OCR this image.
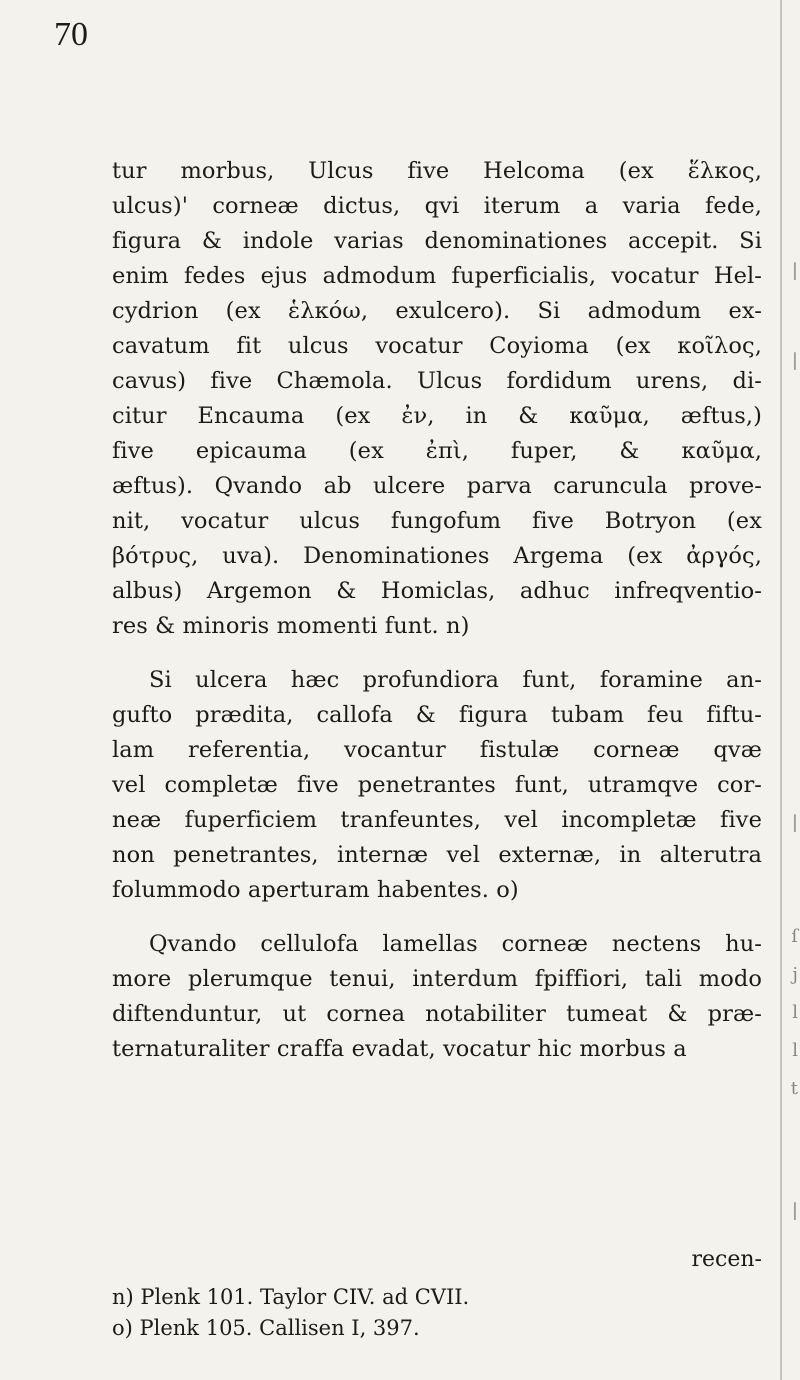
70
|
|
|
ſ
j
l
l
t
|
tur morbus, Ulcus five Helcoma (ex ἕλκος,
ulcus)' corneæ dictus, qvi iterum a varia fede,
figura & indole varias denominationes accepit. Si
enim fedes ejus admodum fuperficialis, vocatur Hel-
cydrion (ex ἑλκόω, exulcero). Si admodum ex-
cavatum fit ulcus vocatur Coyioma (ex κοῖλος,
cavus) five Chæmola. Ulcus fordidum urens, di-
citur Encauma (ex ἐν, in & καῦμα, æftus,)
five epicauma (ex ἐπὶ, fuper, & καῦμα,
æftus). Qvando ab ulcere parva caruncula prove-
nit, vocatur ulcus fungofum five Botryon (ex
βότρυς, uva). Denominationes Argema (ex ἀργός,
albus) Argemon & Homiclas, adhuc infreqventio-
res & minoris momenti funt. n)
Si ulcera hæc profundiora funt, foramine an-
gufto prædita, callofa & figura tubam feu fiftu-
lam referentia, vocantur fistulæ corneæ qvæ
vel completæ five penetrantes funt, utramqve cor-
neæ fuperficiem tranfeuntes, vel incompletæ five
non penetrantes, internæ vel externæ, in alterutra
folummodo aperturam habentes. o)
Qvando cellulofa lamellas corneæ nectens hu-
more plerumque tenui, interdum fpiffiori, tali modo
diftenduntur, ut cornea notabiliter tumeat & præ-
ternaturaliter craffa evadat, vocatur hic morbus a
recen-
n) Plenk 101. Taylor CIV. ad CVII.
o) Plenk 105. Callisen I, 397.
